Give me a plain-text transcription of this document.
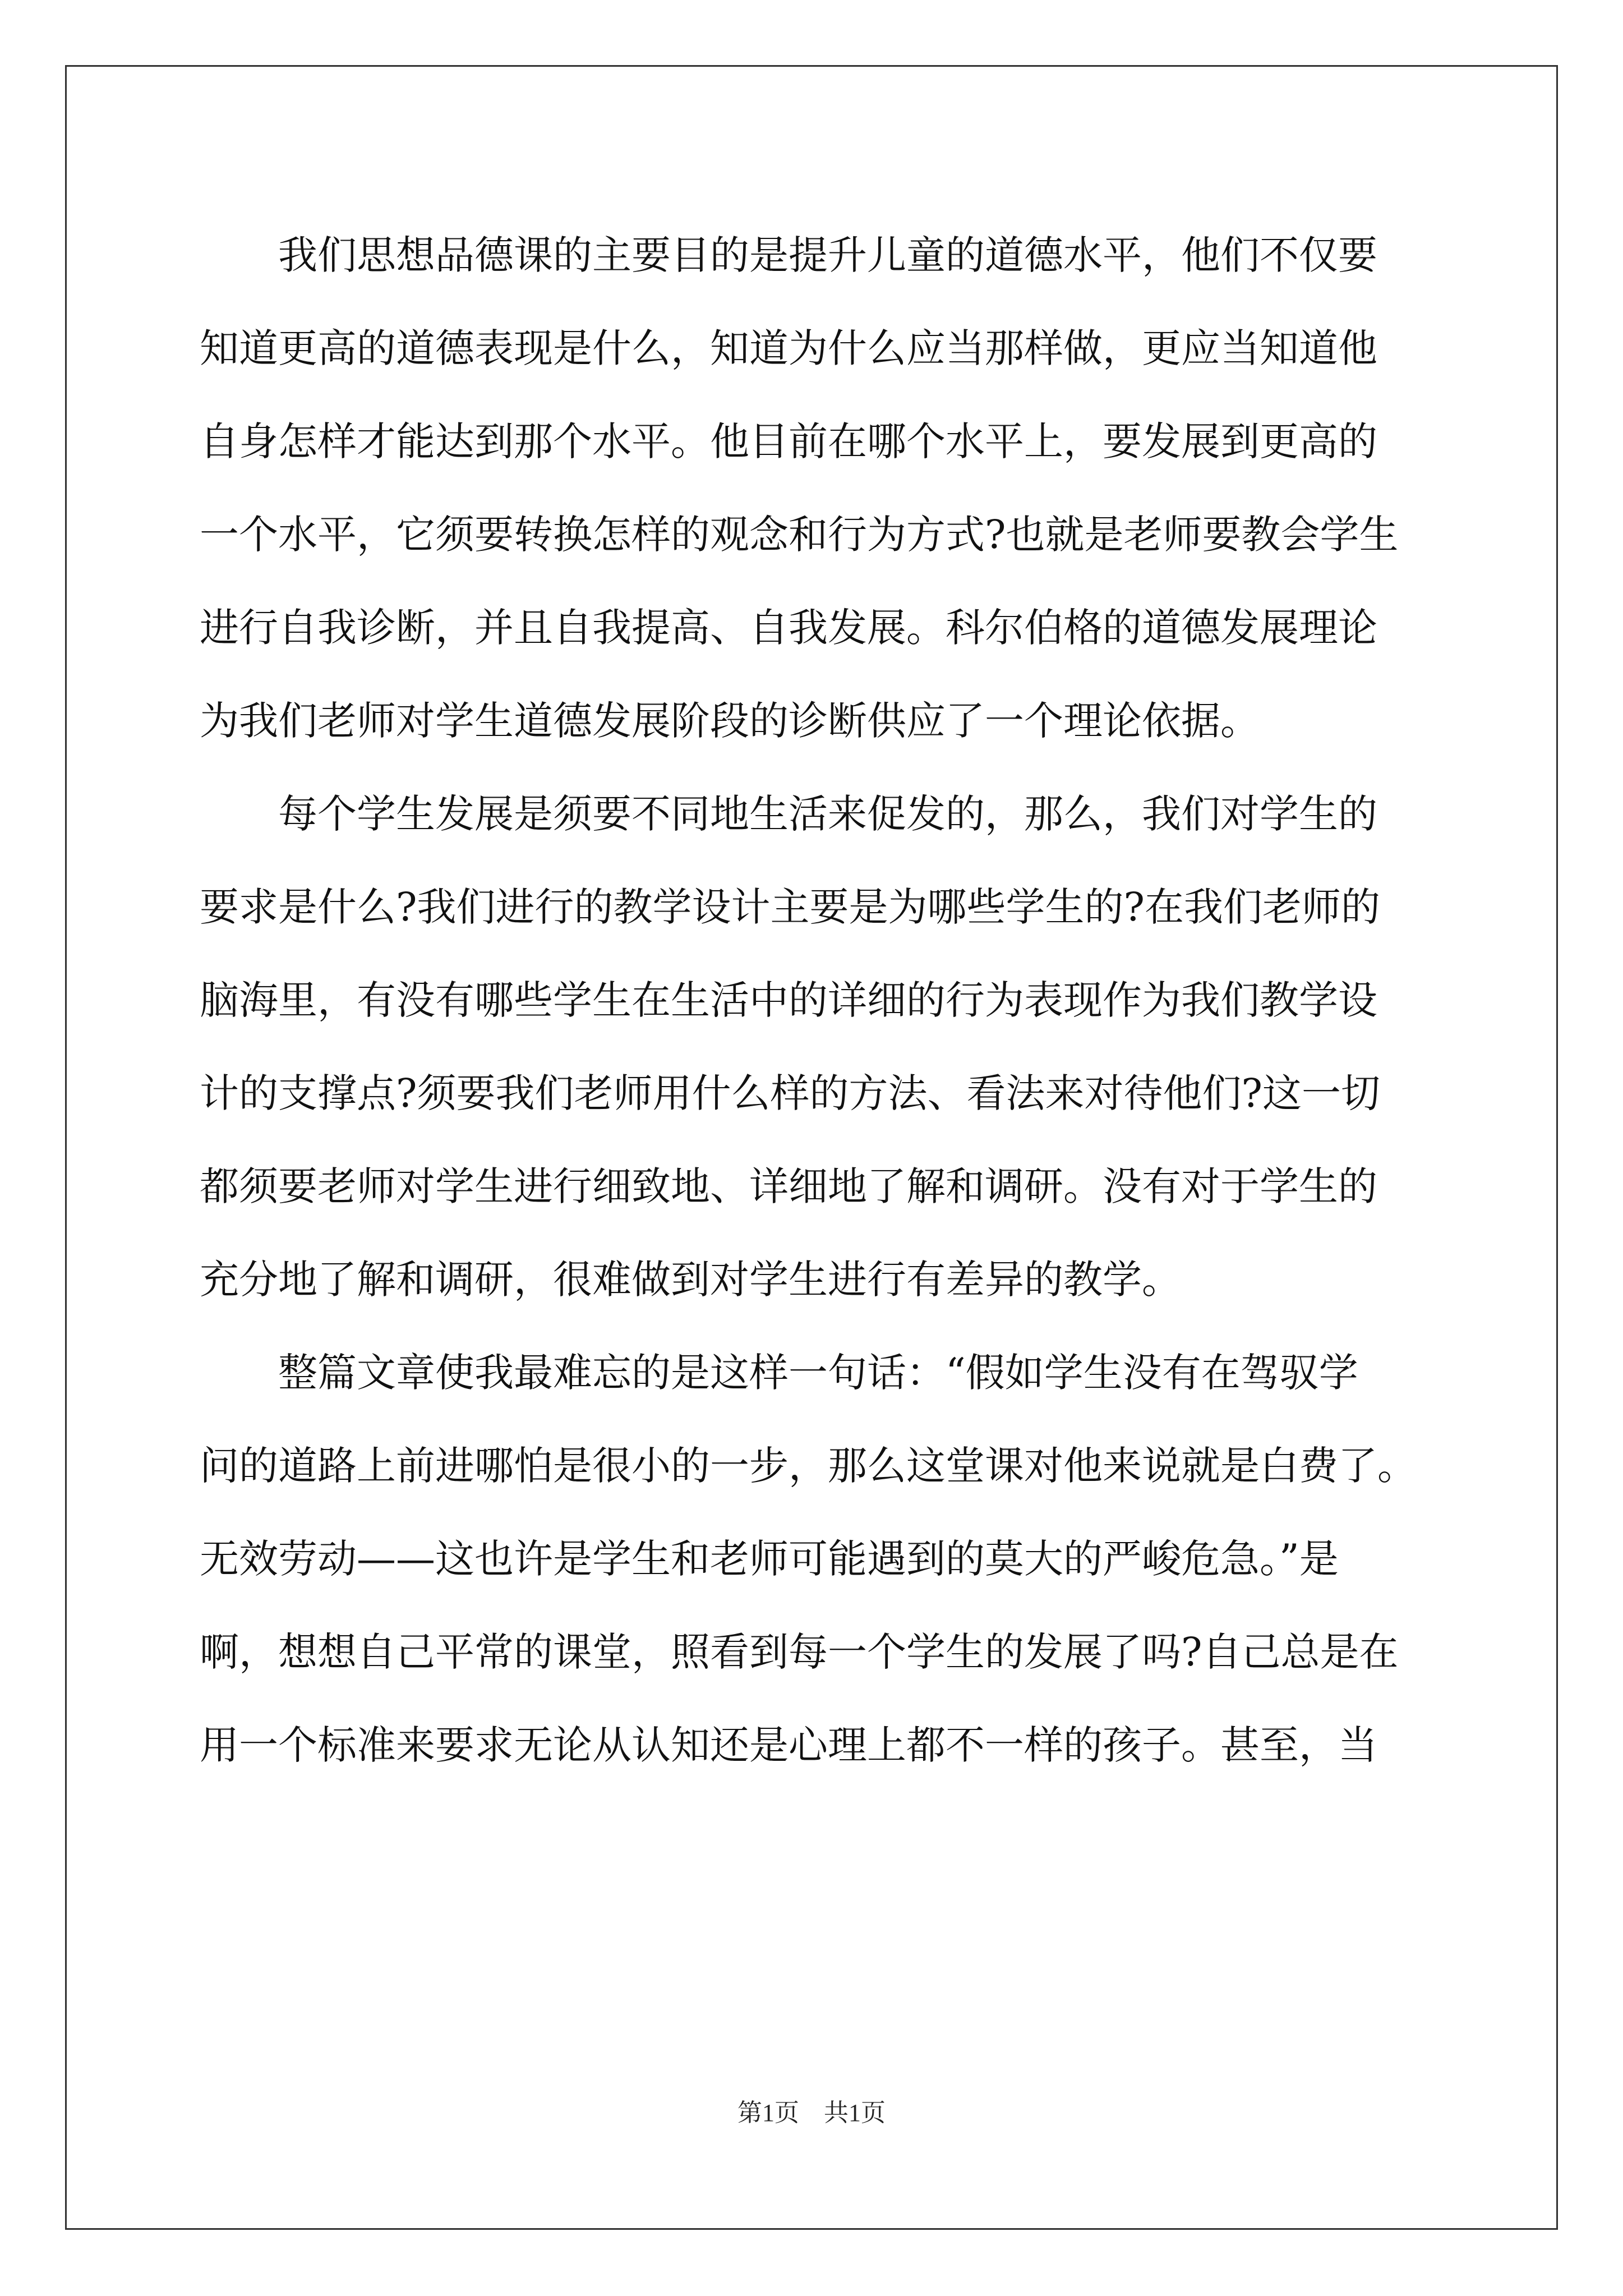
　　我们思想品德课的主要目的是提升儿童的道德水平，他们不仅要

知道更高的道德表现是什么，知道为什么应当那样做，更应当知道他

自身怎样才能达到那个水平。他目前在哪个水平上，要发展到更高的

一个水平，它须要转换怎样的观念和行为方式?也就是老师要教会学生

进行自我诊断，并且自我提高、自我发展。科尔伯格的道德发展理论

为我们老师对学生道德发展阶段的诊断供应了一个理论依据。

　　每个学生发展是须要不同地生活来促发的，那么，我们对学生的

要求是什么?我们进行的教学设计主要是为哪些学生的?在我们老师的

脑海里，有没有哪些学生在生活中的详细的行为表现作为我们教学设

计的支撑点?须要我们老师用什么样的方法、看法来对待他们?这一切

都须要老师对学生进行细致地、详细地了解和调研。没有对于学生的

充分地了解和调研，很难做到对学生进行有差异的教学。

　　整篇文章使我最难忘的是这样一句话：“假如学生没有在驾驭学

问的道路上前进哪怕是很小的一步，那么这堂课对他来说就是白费了。

无效劳动——这也许是学生和老师可能遇到的莫大的严峻危急。”是

啊，想想自己平常的课堂，照看到每一个学生的发展了吗?自己总是在

用一个标准来要求无论从认知还是心理上都不一样的孩子。甚至，当

第1页　共1页
